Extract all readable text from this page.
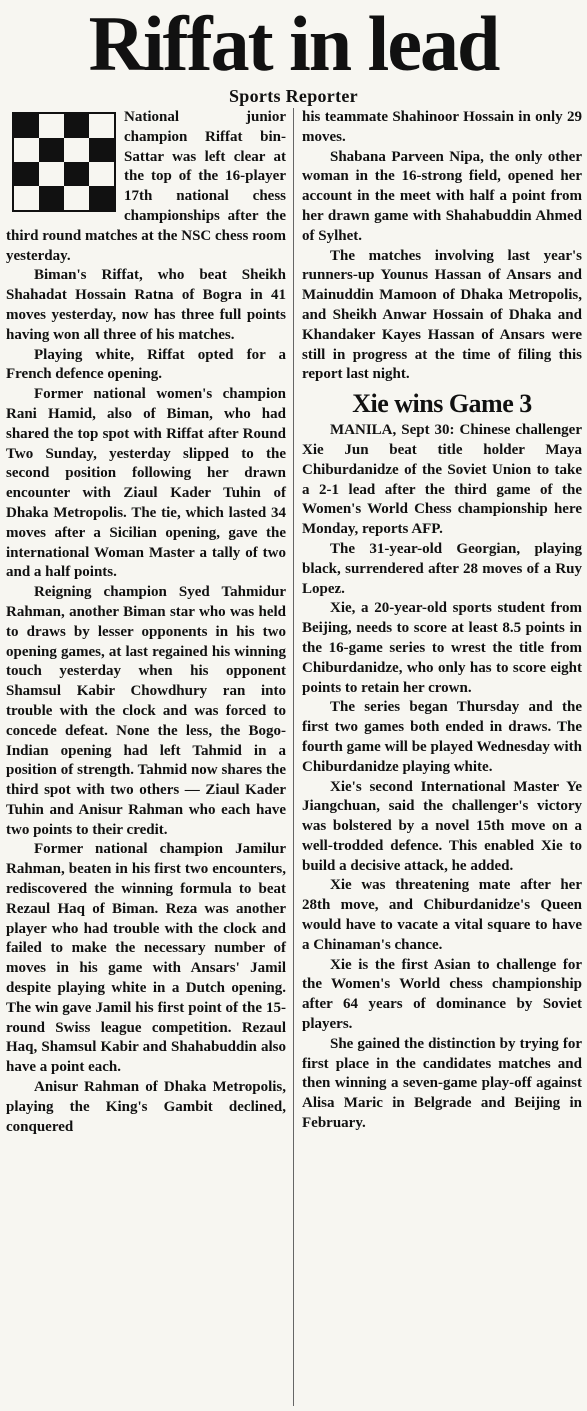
Riffat in lead
Sports Reporter

National junior champion Riffat bin-Sattar was left clear at the top of the 16-player 17th national chess championships after the third round matches at the NSC chess room yesterday.

Biman's Riffat, who beat Sheikh Shahadat Hossain Ratna of Bogra in 41 moves yesterday, now has three full points having won all three of his matches.

Playing white, Riffat opted for a French defence opening.

Former national women's champion Rani Hamid, also of Biman, who had shared the top spot with Riffat after Round Two Sunday, yesterday slipped to the second position following her drawn encounter with Ziaul Kader Tuhin of Dhaka Metropolis. The tie, which lasted 34 moves after a Sicilian opening, gave the international Woman Master a tally of two and a half points.

Reigning champion Syed Tahmidur Rahman, another Biman star who was held to draws by lesser opponents in his two opening games, at last regained his winning touch yesterday when his opponent Shamsul Kabir Chowdhury ran into trouble with the clock and was forced to concede defeat. None the less, the Bogo-Indian opening had left Tahmid in a position of strength. Tahmid now shares the third spot with two others — Ziaul Kader Tuhin and Anisur Rahman who each have two points to their credit.

Former national champion Jamilur Rahman, beaten in his first two encounters, rediscovered the winning formula to beat Rezaul Haq of Biman. Reza was another player who had trouble with the clock and failed to make the necessary number of moves in his game with Ansars' Jamil despite playing white in a Dutch opening. The win gave Jamil his first point of the 15-round Swiss league competition. Rezaul Haq, Shamsul Kabir and Shahabuddin also have a point each.

Anisur Rahman of Dhaka Metropolis, playing the King's Gambit declined, conquered

his teammate Shahinoor Hossain in only 29 moves.

Shabana Parveen Nipa, the only other woman in the 16-strong field, opened her account in the meet with half a point from her drawn game with Shahabuddin Ahmed of Sylhet.

The matches involving last year's runners-up Younus Hassan of Ansars and Mainuddin Mamoon of Dhaka Metropolis, and Sheikh Anwar Hossain of Dhaka and Khandaker Kayes Hassan of Ansars were still in progress at the time of filing this report last night.

Xie wins Game 3

MANILA, Sept 30: Chinese challenger Xie Jun beat title holder Maya Chiburdanidze of the Soviet Union to take a 2-1 lead after the third game of the Women's World Chess championship here Monday, reports AFP.

The 31-year-old Georgian, playing black, surrendered after 28 moves of a Ruy Lopez.

Xie, a 20-year-old sports student from Beijing, needs to score at least 8.5 points in the 16-game series to wrest the title from Chiburdanidze, who only has to score eight points to retain her crown.

The series began Thursday and the first two games both ended in draws. The fourth game will be played Wednesday with Chiburdanidze playing white.

Xie's second International Master Ye Jiangchuan, said the challenger's victory was bolstered by a novel 15th move on a well-trodded defence. This enabled Xie to build a decisive attack, he added.

Xie was threatening mate after her 28th move, and Chiburdanidze's Queen would have to vacate a vital square to have a Chinaman's chance.

Xie is the first Asian to challenge for the Women's World chess championship after 64 years of dominance by Soviet players.

She gained the distinction by trying for first place in the candidates matches and then winning a seven-game play-off against Alisa Maric in Belgrade and Beijing in February.
